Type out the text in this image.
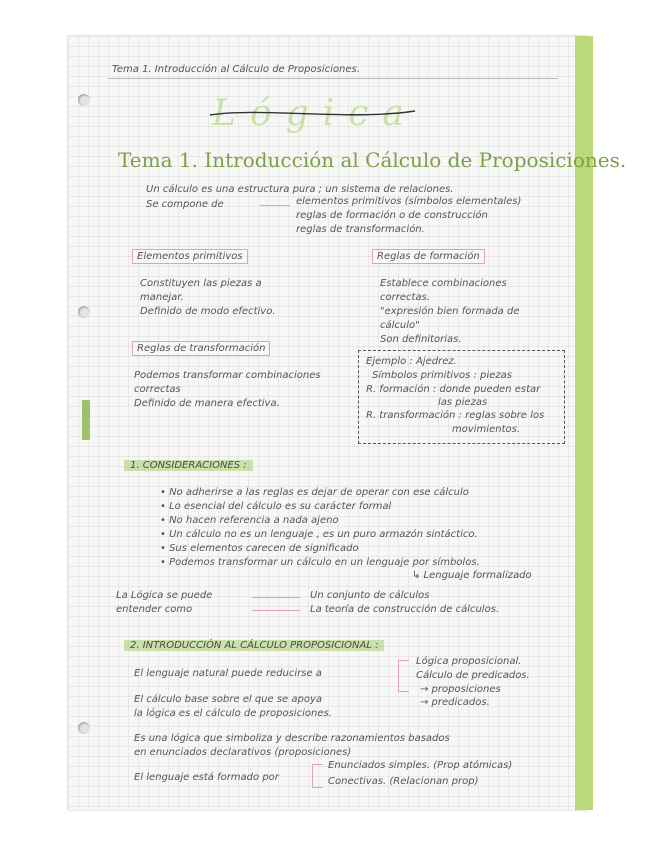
Tema 1. Introducción al Cálculo de Proposiciones.
Lógica
Tema 1. Introducción al Cálculo de Proposiciones.
Un cálculo es una estructura pura ; un sistema de relaciones.
Se compone de	elementos primitivos (símbolos elementales)
reglas de formación o de construcción
reglas de transformación.
Elementos primitivos
Constituyen las piezas a
manejar.
Definido de modo efectivo.
Reglas de formación
Establece combinaciones
correctas.
"expresión bien formada de
cálculo"
Son definitorias.
Reglas de transformación
Podemos transformar combinaciones
correctas
Definido de manera efectiva.
Ejemplo : Ajedrez.
Símbolos primitivos : piezas
R. formación : donde pueden estar
las piezas
R. transformación : reglas sobre los
movimientos.
1. CONSIDERACIONES :
• No adherirse a las reglas es dejar de operar con ese cálculo
• Lo esencial del cálculo es su carácter formal
• No hacen referencia a nada ajeno
• Un cálculo no es un lenguaje , es un puro armazón sintáctico.
• Sus elementos carecen de significado
• Podemos transformar un cálculo en un lenguaje por símbolos.
↳ Lenguaje formalizado
La Lógica se puede
entender como
Un conjunto de cálculos
La teoría de construcción de cálculos.
2. INTRODUCCIÓN AL CÁLCULO PROPOSICIONAL :
El lenguaje natural puede reducirse a
Lógica proposicional.
Cálculo de predicados.
→ proposiciones
→ predicados.
El cálculo base sobre el que se apoya
la lógica es el cálculo de proposiciones.
Es una lógica que simboliza y describe razonamientos basados
en enunciados declarativos (proposiciones)
El lenguaje está formado por
Enunciados simples. (Prop atómicas)
Conectivas. (Relacionan prop)
